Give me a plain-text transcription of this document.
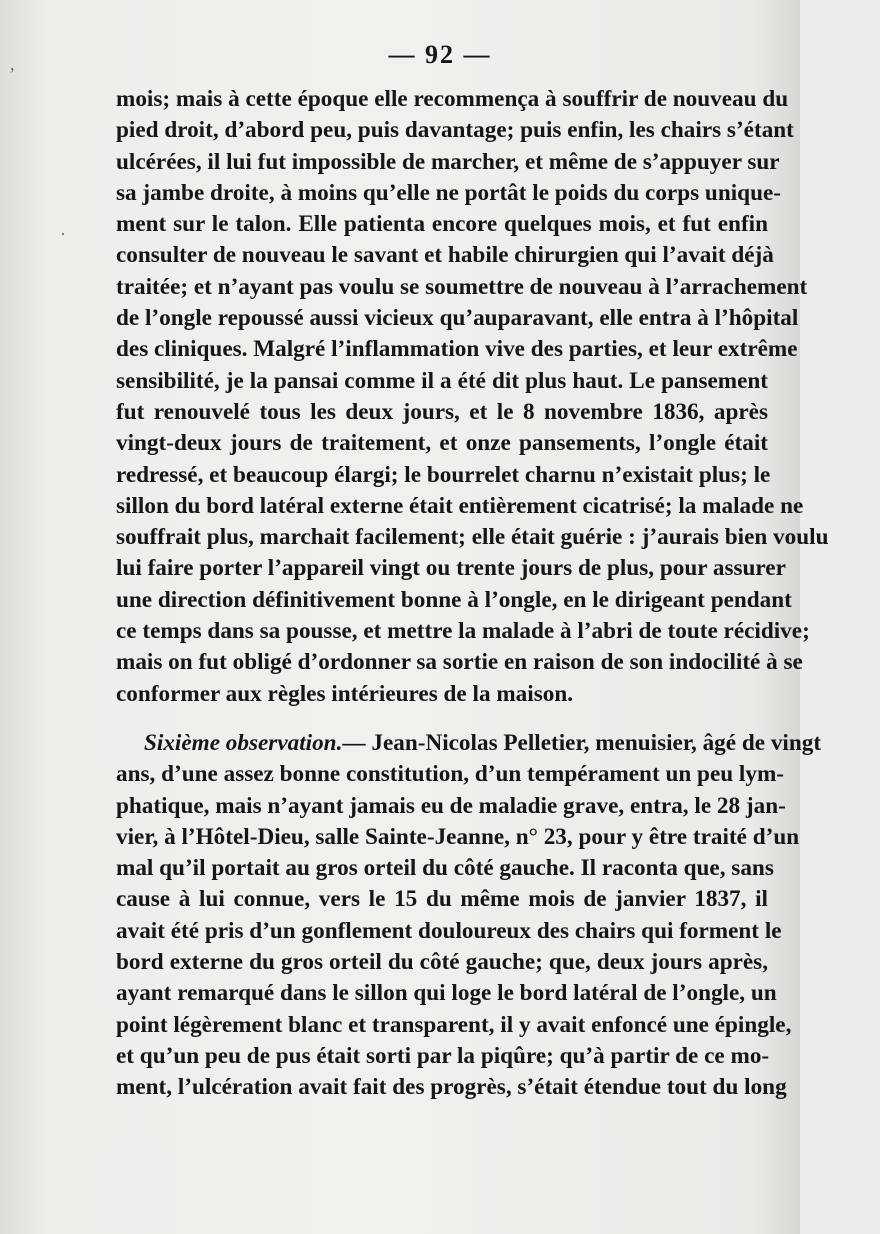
— 92 —
,
·

mois; mais à cette époque elle recommença à souffrir de nouveau du
pied droit, d’abord peu, puis davantage; puis enfin, les chairs s’étant
ulcérées, il lui fut impossible de marcher, et même de s’appuyer sur
sa jambe droite, à moins qu’elle ne portât le poids du corps unique-
ment sur le talon. Elle patienta encore quelques mois, et fut enfin
consulter de nouveau le savant et habile chirurgien qui l’avait déjà
traitée; et n’ayant pas voulu se soumettre de nouveau à l’arrachement
de l’ongle repoussé aussi vicieux qu’auparavant, elle entra à l’hôpital
des cliniques. Malgré l’inflammation vive des parties, et leur extrême
sensibilité, je la pansai comme il a été dit plus haut. Le pansement
fut renouvelé tous les deux jours, et le 8 novembre 1836, après
vingt-deux jours de traitement, et onze pansements, l’ongle était
redressé, et beaucoup élargi; le bourrelet charnu n’existait plus; le
sillon du bord latéral externe était entièrement cicatrisé; la malade ne
souffrait plus, marchait facilement; elle était guérie : j’aurais bien voulu
lui faire porter l’appareil vingt ou trente jours de plus, pour assurer
une direction définitivement bonne à l’ongle, en le dirigeant pendant
ce temps dans sa pousse, et mettre la malade à l’abri de toute récidive;
mais on fut obligé d’ordonner sa sortie en raison de son indocilité à se
conformer aux règles intérieures de la maison.
Sixième observation.— Jean-Nicolas Pelletier, menuisier, âgé de vingt
ans, d’une assez bonne constitution, d’un tempérament un peu lym-
phatique, mais n’ayant jamais eu de maladie grave, entra, le 28 jan-
vier, à l’Hôtel-Dieu, salle Sainte-Jeanne, n° 23, pour y être traité d’un
mal qu’il portait au gros orteil du côté gauche. Il raconta que, sans
cause à lui connue, vers le 15 du même mois de janvier 1837, il
avait été pris d’un gonflement douloureux des chairs qui forment le
bord externe du gros orteil du côté gauche; que, deux jours après,
ayant remarqué dans le sillon qui loge le bord latéral de l’ongle, un
point légèrement blanc et transparent, il y avait enfoncé une épingle,
et qu’un peu de pus était sorti par la piqûre; qu’à partir de ce mo-
ment, l’ulcération avait fait des progrès, s’était étendue tout du long
